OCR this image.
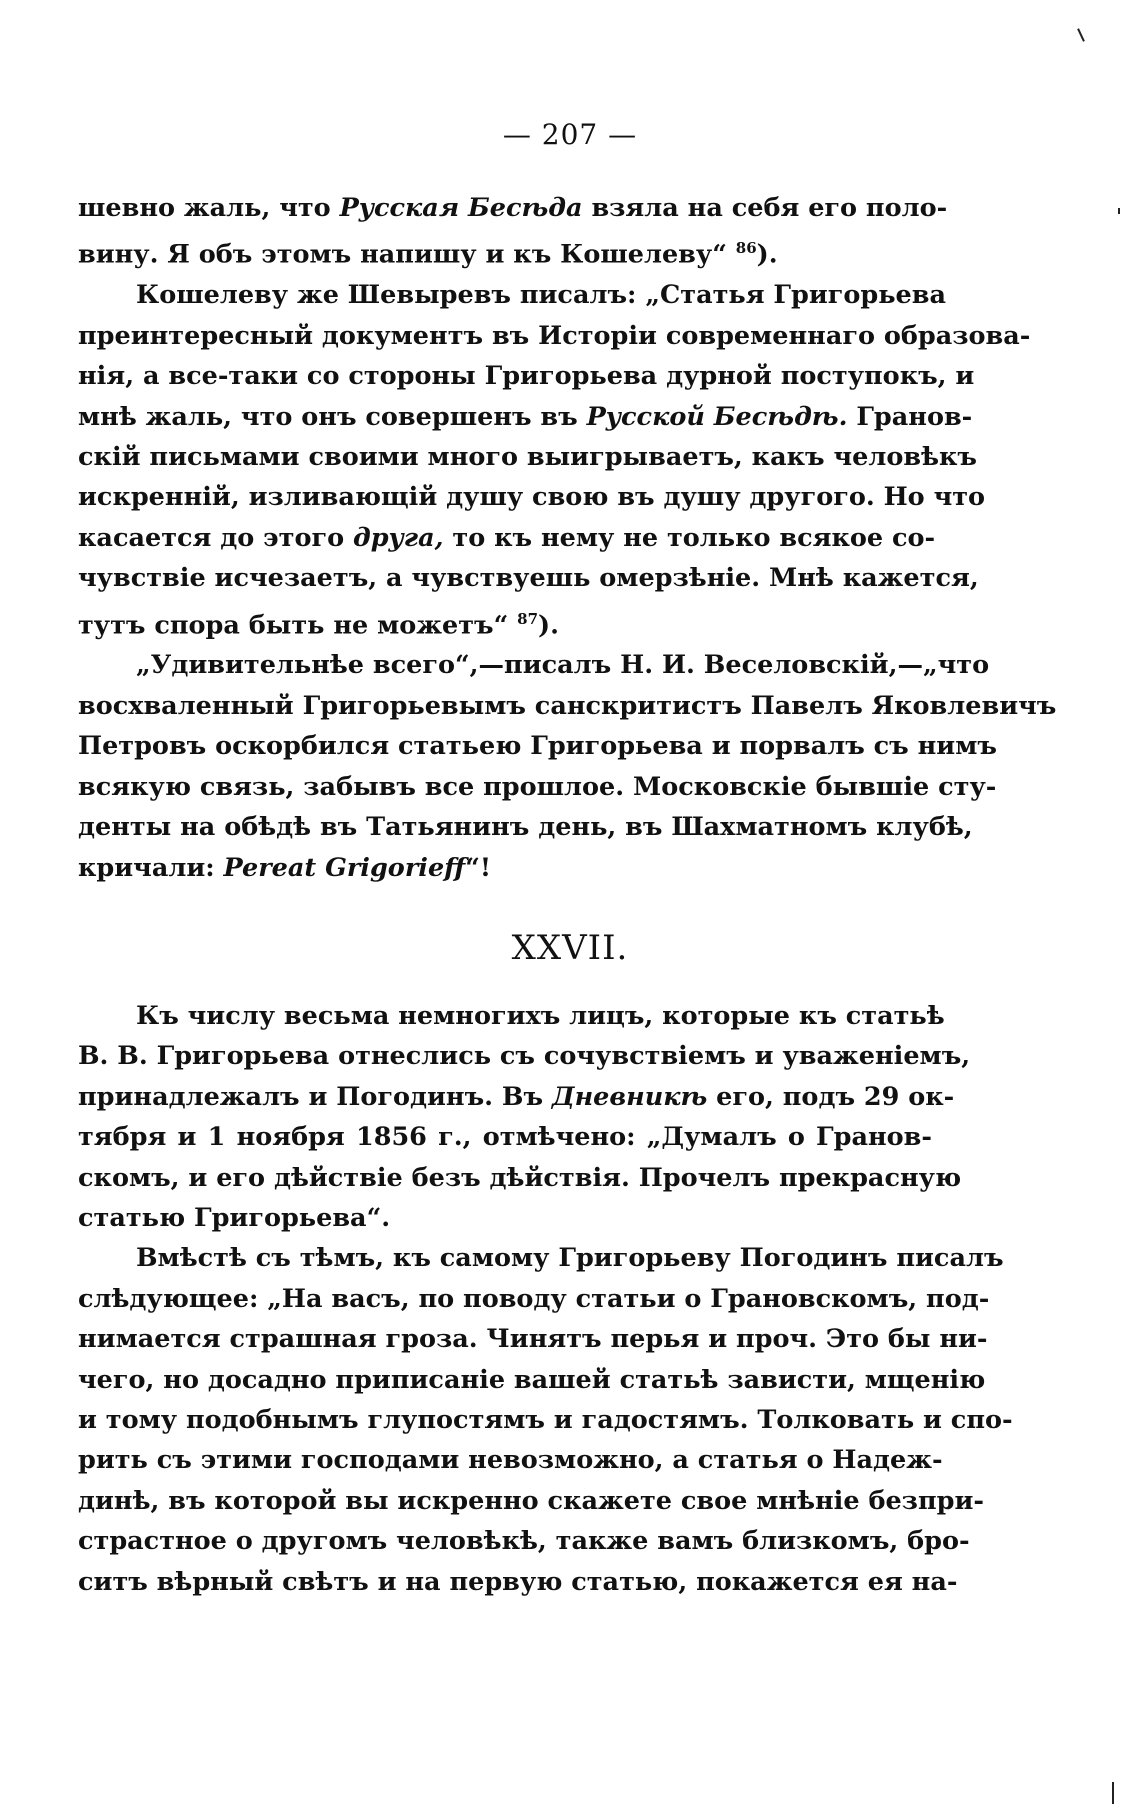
— 207 —
шевно жаль, что Русская Бесѣда взяла на себя его поло-
вину. Я объ этомъ напишу и къ Кошелеву“ $^{86}$).
Кошелеву же Шевыревъ писалъ: „Статья Григорьева
преинтересный документъ въ Исторіи современнаго образова-
нія, а все-таки со стороны Григорьева дурной поступокъ, и
мнѣ жаль, что онъ совершенъ въ Русской Бесѣдѣ. Гранов-
скій письмами своими много выигрываетъ, какъ человѣкъ
искренній, изливающій душу свою въ душу другого. Но что
касается до этого друга, то къ нему не только всякое со-
чувствіе исчезаетъ, а чувствуешь омерзѣніе. Мнѣ кажется,
тутъ спора быть не можетъ“ $^{87}$).
„Удивительнѣе всего“,—писалъ Н. И. Веселовскій,—„что
восхваленный Григорьевымъ санскритистъ Павелъ Яковлевичъ
Петровъ оскорбился статьею Григорьева и порвалъ съ нимъ
всякую связь, забывъ все прошлое. Московскіе бывшіе сту-
денты на обѣдѣ въ Татьянинъ день, въ Шахматномъ клубѣ,
кричали: Pereat Grigorieff“!
XXVII.
Къ числу весьма немногихъ лицъ, которые къ статьѣ
В. В. Григорьева отнеслись съ сочувствіемъ и уваженіемъ,
принадлежалъ и Погодинъ. Въ Дневникѣ его, подъ 29 ок-
тября и 1 ноября 1856 г., отмѣчено: „Думалъ о Гранов-
скомъ, и его дѣйствіе безъ дѣйствія. Прочелъ прекрасную
статью Григорьева“.
Вмѣстѣ съ тѣмъ, къ самому Григорьеву Погодинъ писалъ
слѣдующее: „На васъ, по поводу статьи о Грановскомъ, под-
нимается страшная гроза. Чинятъ перья и проч. Это бы ни-
чего, но досадно приписаніе вашей статьѣ зависти, мщенію
и тому подобнымъ глупостямъ и гадостямъ. Толковать и спо-
рить съ этими господами невозможно, а статья о Надеж-
динѣ, въ которой вы искренно скажете свое мнѣніе безпри-
страстное о другомъ человѣкѣ, также вамъ близкомъ, бро-
ситъ вѣрный свѣтъ и на первую статью, покажется ея на-
